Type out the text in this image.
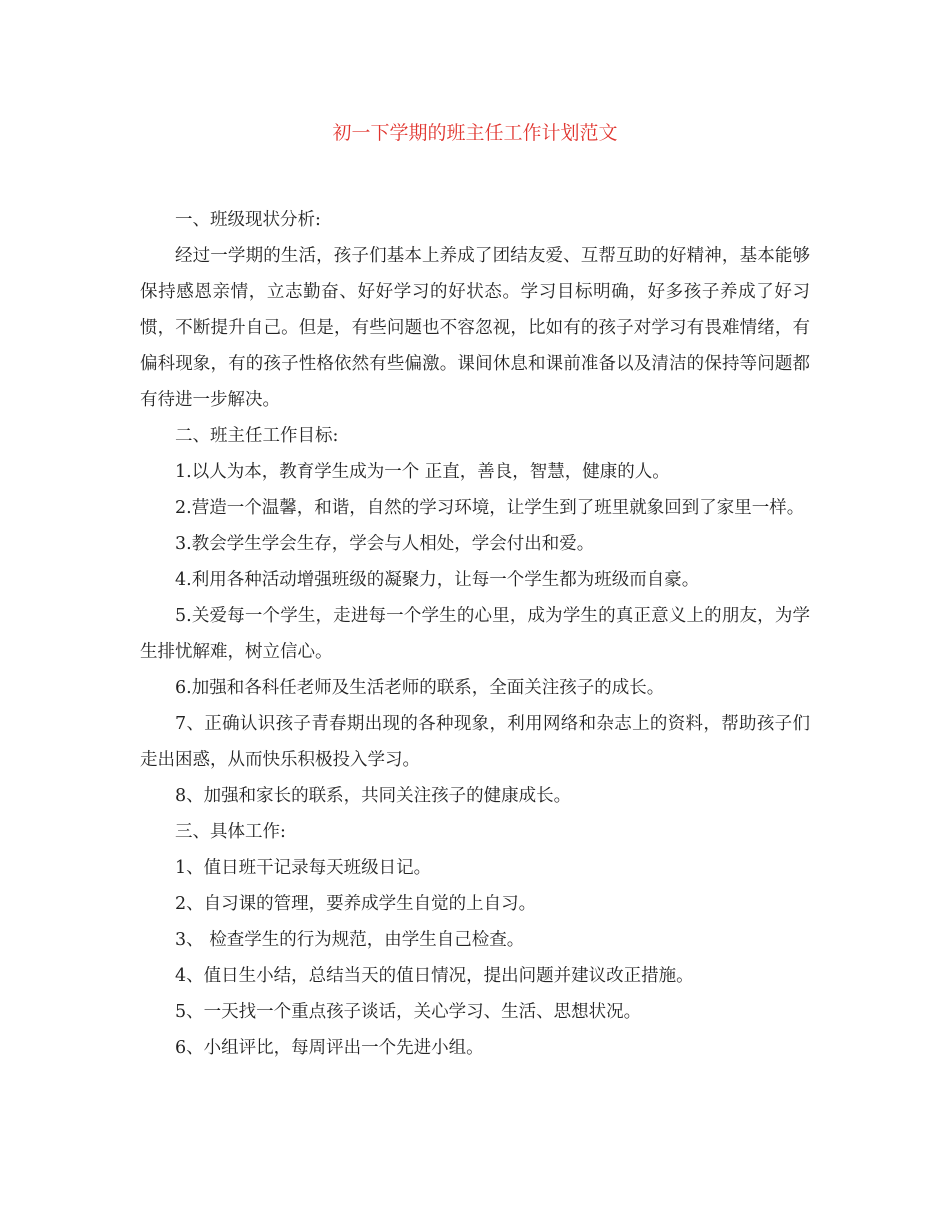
初一下学期的班主任工作计划范文

一、班级现状分析:

经过一学期的生活，孩子们基本上养成了团结友爱、互帮互助的好精神，基本能够保持感恩亲情，立志勤奋、好好学习的好状态。学习目标明确，好多孩子养成了好习惯，不断提升自己。但是，有些问题也不容忽视，比如有的孩子对学习有畏难情绪，有偏科现象，有的孩子性格依然有些偏激。课间休息和课前准备以及清洁的保持等问题都有待进一步解决。

二、班主任工作目标:

1.以人为本，教育学生成为一个 正直，善良，智慧，健康的人。

2.营造一个温馨，和谐，自然的学习环境，让学生到了班里就象回到了家里一样。

3.教会学生学会生存，学会与人相处，学会付出和爱。

4.利用各种活动增强班级的凝聚力，让每一个学生都为班级而自豪。

5.关爱每一个学生，走进每一个学生的心里，成为学生的真正意义上的朋友，为学生排忧解难，树立信心。

6.加强和各科任老师及生活老师的联系，全面关注孩子的成长。

7、正确认识孩子青春期出现的各种现象，利用网络和杂志上的资料，帮助孩子们走出困惑，从而快乐积极投入学习。

8、加强和家长的联系，共同关注孩子的健康成长。

三、具体工作:

1、值日班干记录每天班级日记。

2、自习课的管理，要养成学生自觉的上自习。

3、 检查学生的行为规范，由学生自己检查。

4、值日生小结，总结当天的值日情况，提出问题并建议改正措施。

5、一天找一个重点孩子谈话，关心学习、生活、思想状况。

6、小组评比，每周评出一个先进小组。
